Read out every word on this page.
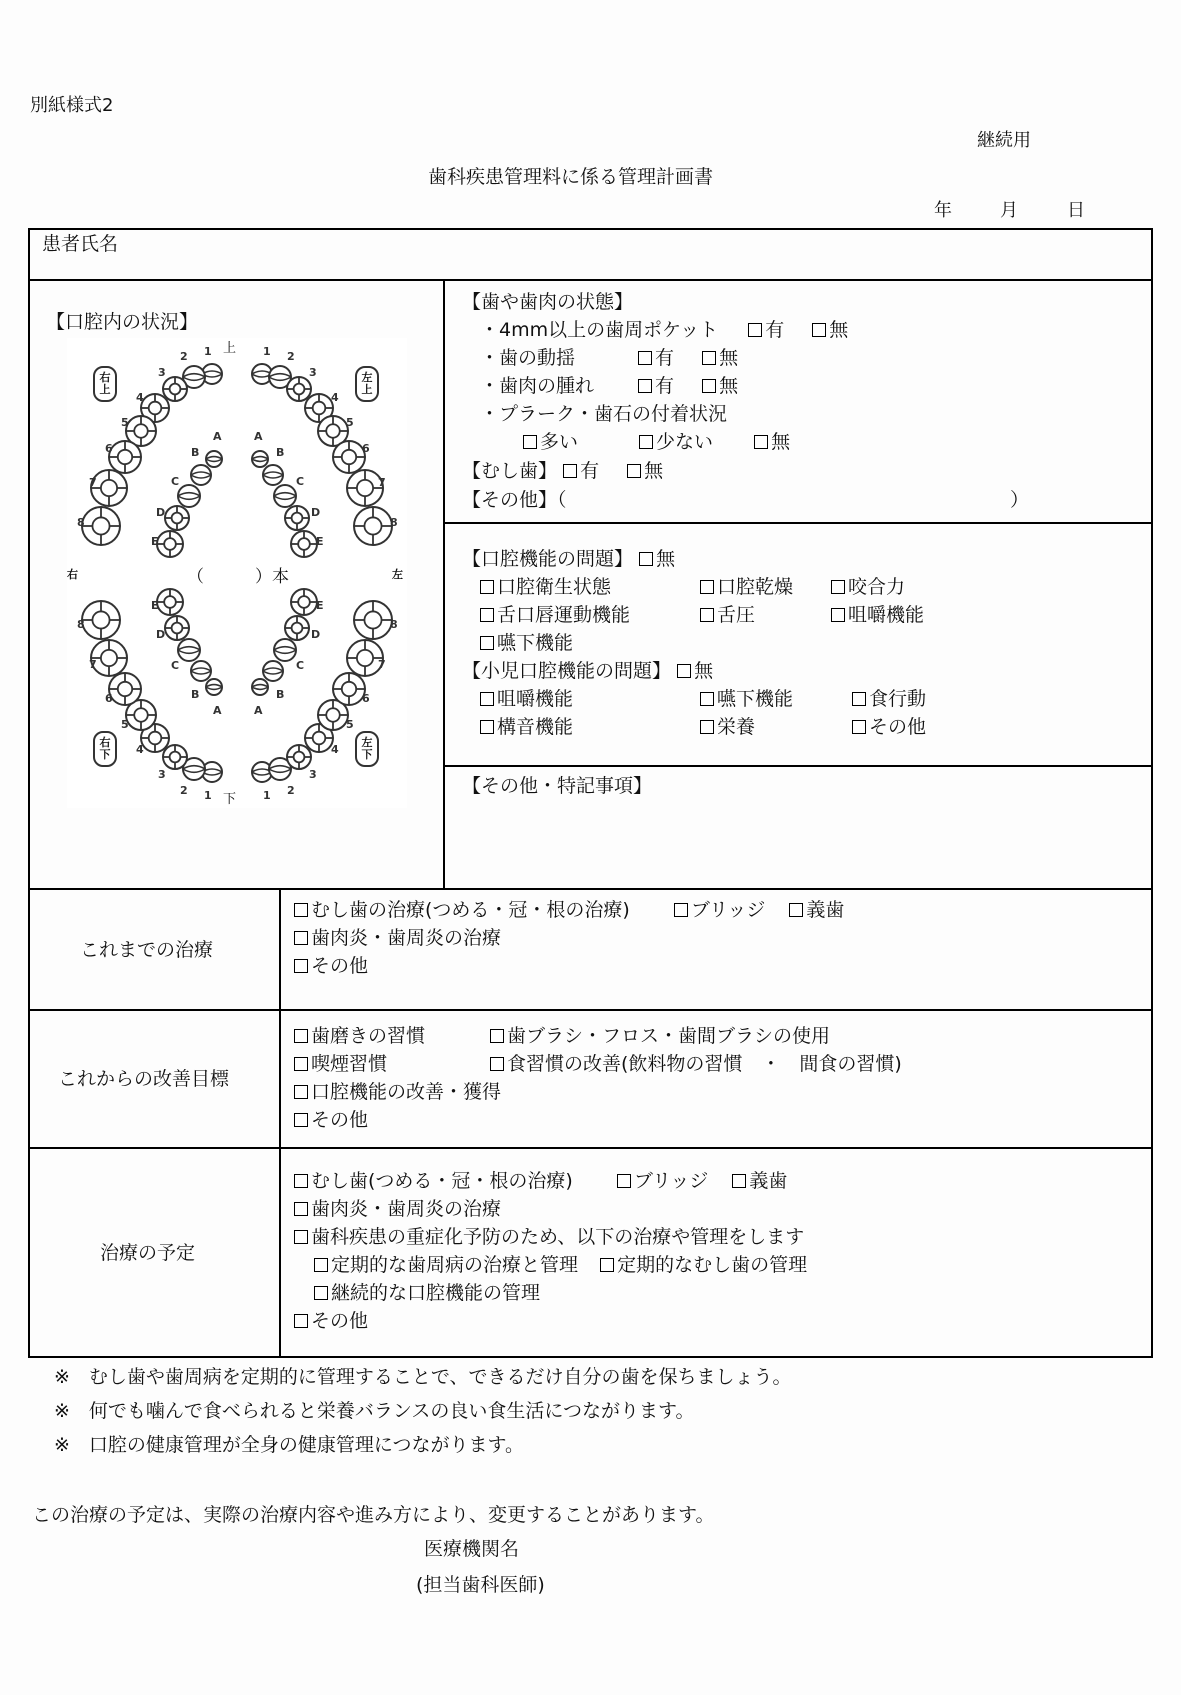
別紙様式2
継続用
歯科疾患管理料に係る管理計画書
年	月	日
患者氏名
【口腔内の状況】
1
2
3
4
5
6
7
8
A
B
C
D
E
1 2
3
4
5
6
7
8
A
B
C
D
E
1
2
3
4
5
6
7
8
A
B
C
D
E
1 2
3
4
5
6
7
8
A
B
C
D
E
上
下
右	左
（　　　）本
右上
左上
右下
左下
【歯や歯肉の状態】
・4mm以上の歯周ポケット 有 無
・歯の動揺	有 無
・歯肉の腫れ	有 無
・プラーク・歯石の付着状況
多い	少ない	無
【むし歯】 有 無
【その他】（	）
【口腔機能の問題】 無
口腔衛生状態	口腔乾燥	咬合力
舌口唇運動機能	舌圧	咀嚼機能
嚥下機能
【小児口腔機能の問題】 無
咀嚼機能	嚥下機能	食行動
構音機能	栄養	その他
【その他・特記事項】
これまでの治療
むし歯の治療(つめる・冠・根の治療)	ブリッジ 義歯
歯肉炎・歯周炎の治療
その他
これからの改善目標
歯磨きの習慣	歯ブラシ・フロス・歯間ブラシの使用
喫煙習慣	食習慣の改善(飲料物の習慣　・　間食の習慣)
口腔機能の改善・獲得
その他
治療の予定
むし歯(つめる・冠・根の治療)	ブリッジ 義歯
歯肉炎・歯周炎の治療
歯科疾患の重症化予防のため、以下の治療や管理をします
定期的な歯周病の治療と管理 定期的なむし歯の管理
継続的な口腔機能の管理
その他
※　むし歯や歯周病を定期的に管理することで、できるだけ自分の歯を保ちましょう。
※　何でも噛んで食べられると栄養バランスの良い食生活につながります。
※　口腔の健康管理が全身の健康管理につながります。
この治療の予定は、実際の治療内容や進み方により、変更することがあります。
医療機関名
(担当歯科医師)
